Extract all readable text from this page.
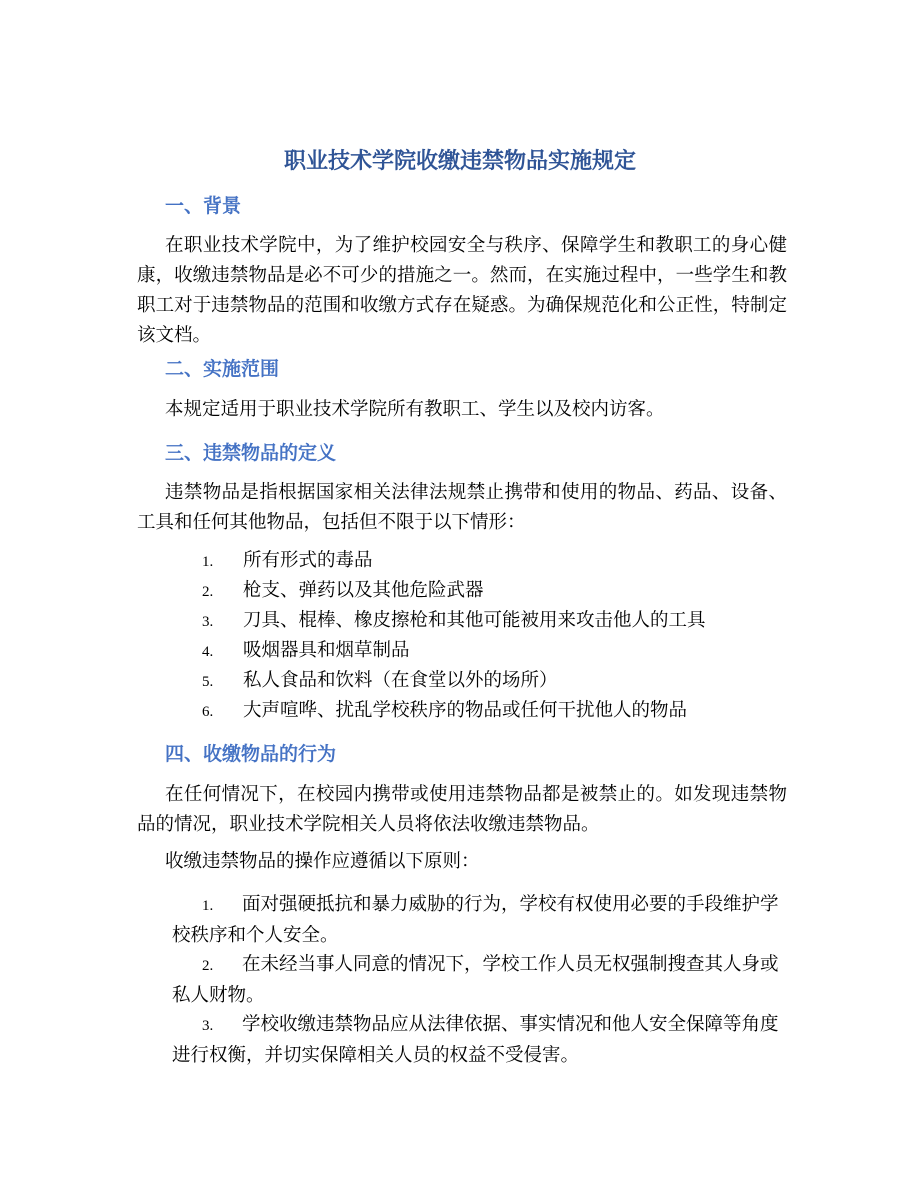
职业技术学院收缴违禁物品实施规定
一、背景

在职业技术学院中，为了维护校园安全与秩序、保障学生和教职工的身心健康，收缴违禁物品是必不可少的措施之一。然而，在实施过程中，一些学生和教职工对于违禁物品的范围和收缴方式存在疑惑。为确保规范化和公正性，特制定该文档。

二、实施范围

本规定适用于职业技术学院所有教职工、学生以及校内访客。

三、违禁物品的定义

违禁物品是指根据国家相关法律法规禁止携带和使用的物品、药品、设备、工具和任何其他物品，包括但不限于以下情形：

1. 所有形式的毒品
2. 枪支、弹药以及其他危险武器
3. 刀具、棍棒、橡皮擦枪和其他可能被用来攻击他人的工具
4. 吸烟器具和烟草制品
5. 私人食品和饮料（在食堂以外的场所）
6. 大声喧哗、扰乱学校秩序的物品或任何干扰他人的物品
四、收缴物品的行为

在任何情况下，在校园内携带或使用违禁物品都是被禁止的。如发现违禁物品的情况，职业技术学院相关人员将依法收缴违禁物品。

收缴违禁物品的操作应遵循以下原则：

1. 面对强硬抵抗和暴力威胁的行为，学校有权使用必要的手段维护学校秩序和个人安全。
2. 在未经当事人同意的情况下，学校工作人员无权强制搜查其人身或私人财物。
3. 学校收缴违禁物品应从法律依据、事实情况和他人安全保障等角度进行权衡，并切实保障相关人员的权益不受侵害。
